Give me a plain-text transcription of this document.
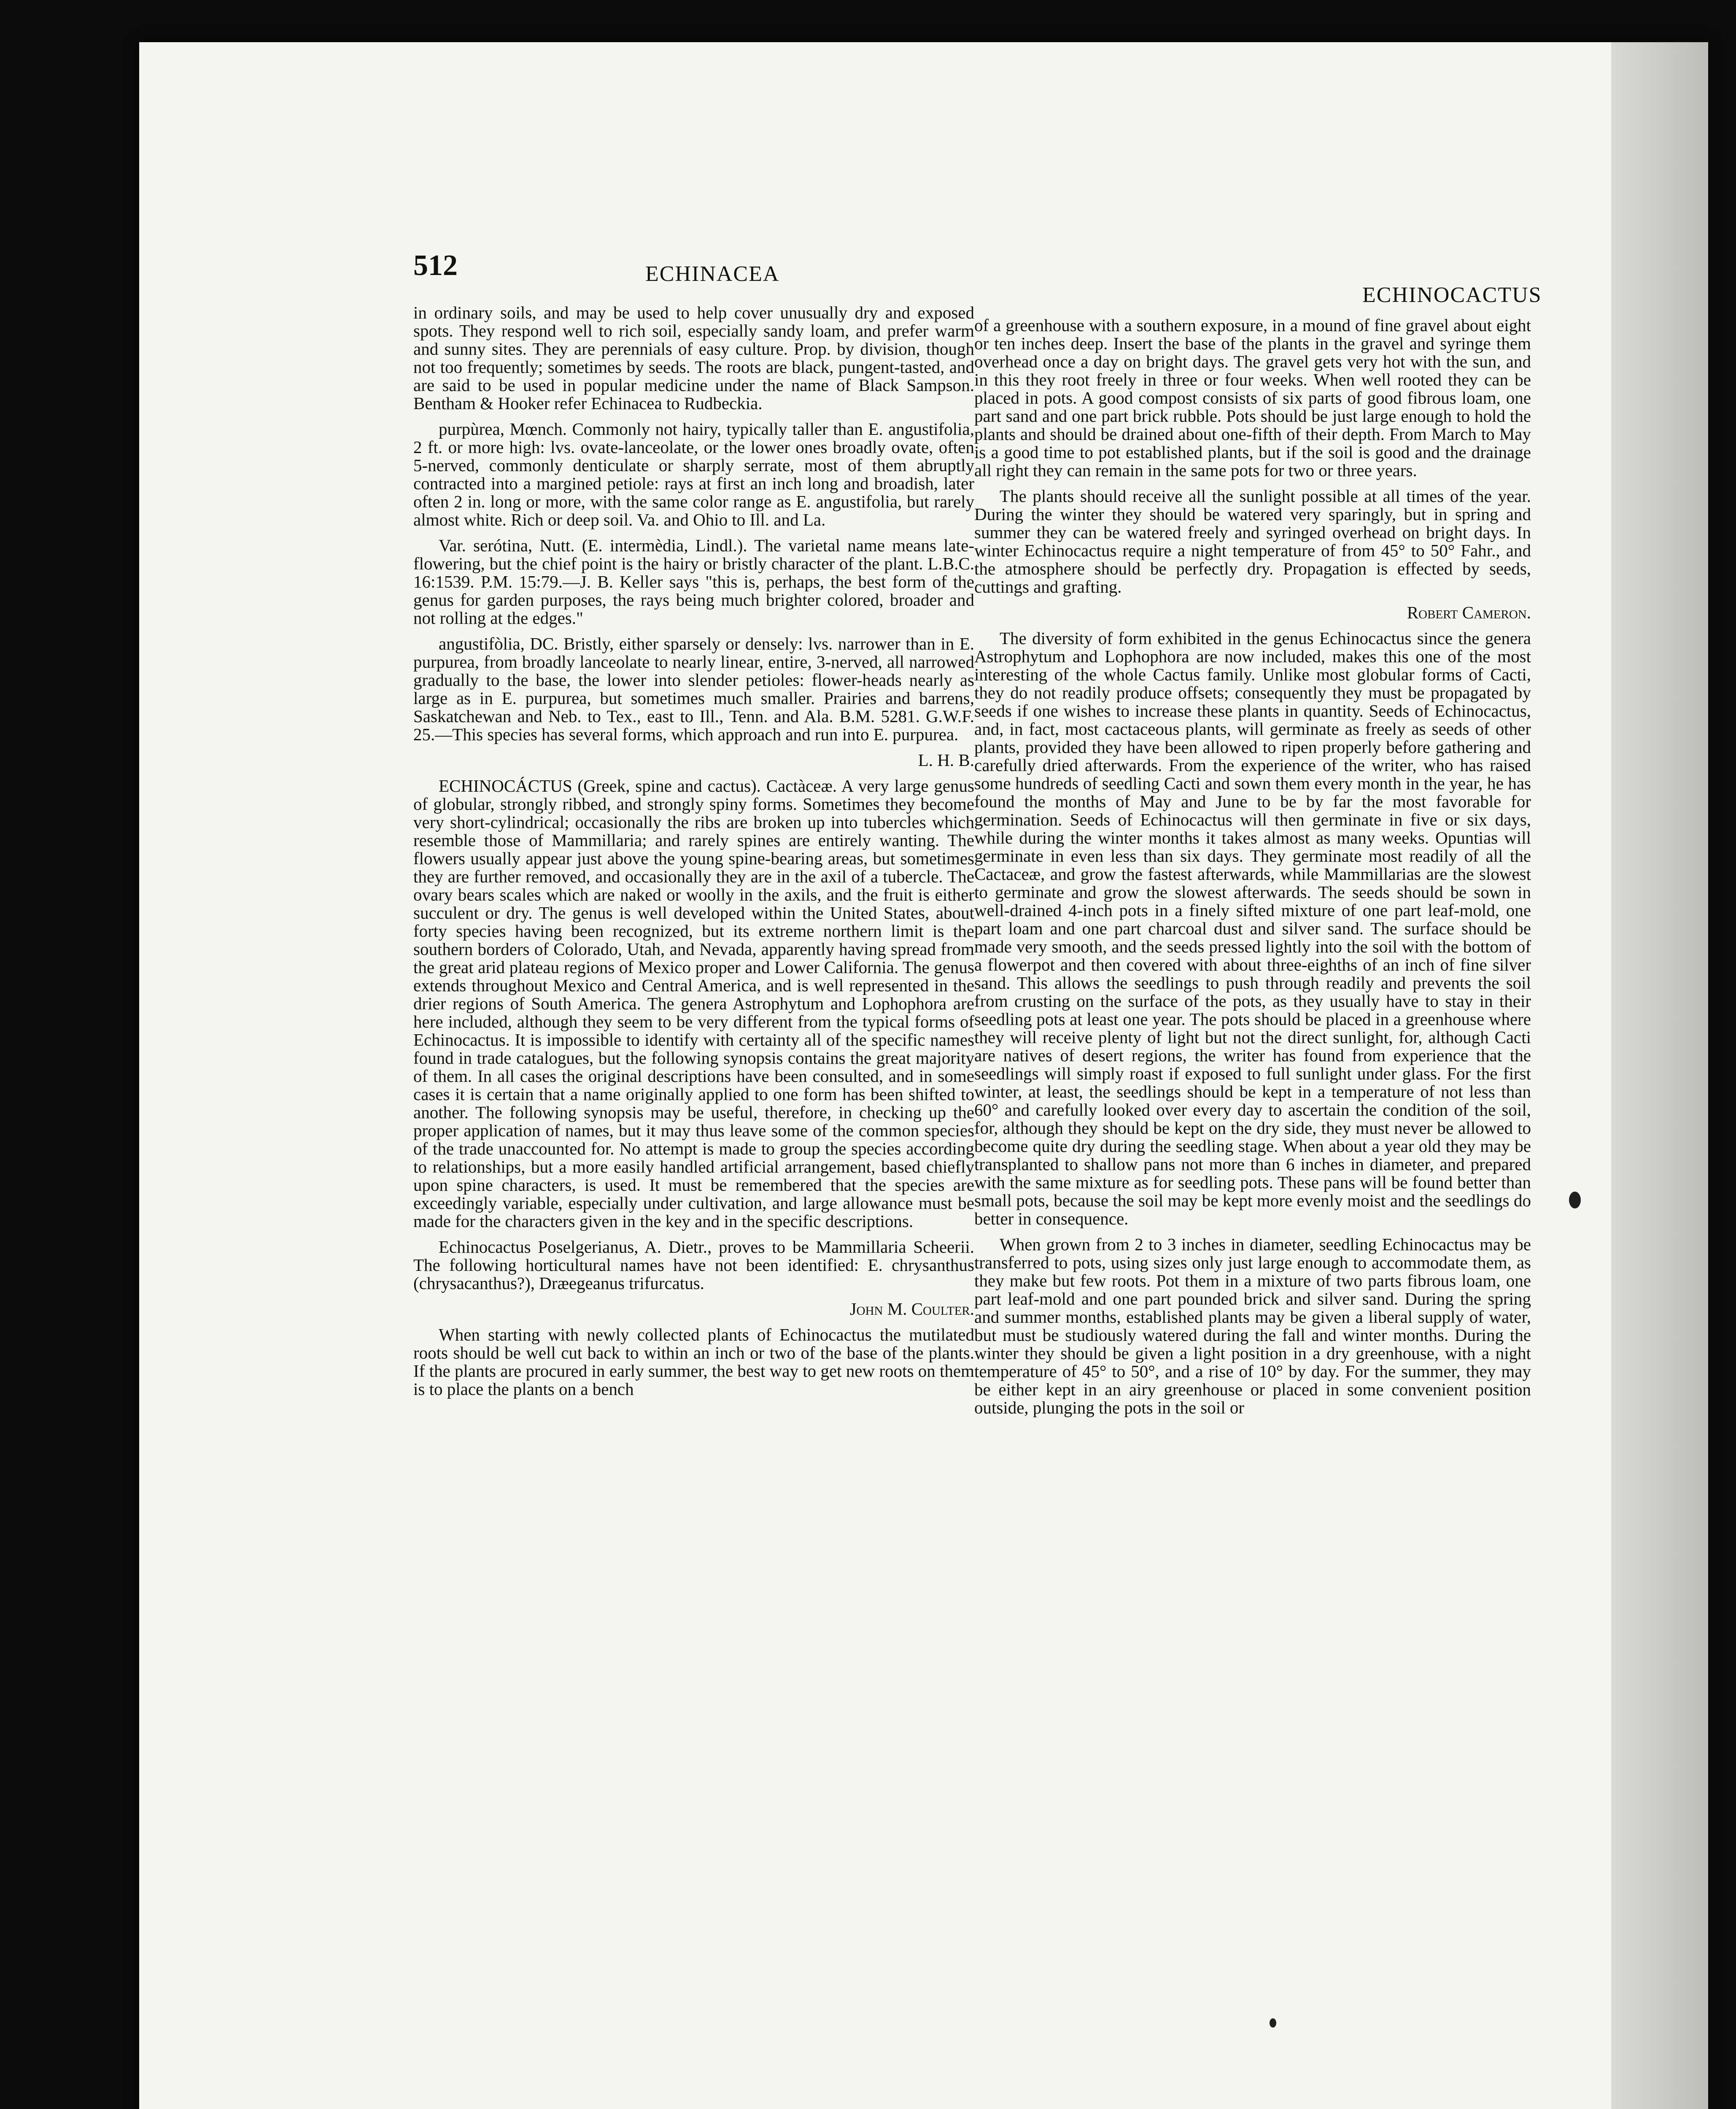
512	ECHINACEA
ECHINOCACTUS

in ordinary soils, and may be used to help cover unusually dry and exposed spots. They respond well to rich soil, especially sandy loam, and prefer warm and sunny sites. They are perennials of easy culture. Prop. by division, though not too frequently; sometimes by seeds. The roots are black, pungent-tasted, and are said to be used in popular medicine under the name of Black Sampson. Bentham & Hooker refer Echinacea to Rudbeckia.

purpùrea, Mœnch. Commonly not hairy, typically taller than E. angustifolia, 2 ft. or more high: lvs. ovate-lanceolate, or the lower ones broadly ovate, often 5-nerved, commonly denticulate or sharply serrate, most of them abruptly contracted into a margined petiole: rays at first an inch long and broadish, later often 2 in. long or more, with the same color range as E. angustifolia, but rarely almost white. Rich or deep soil. Va. and Ohio to Ill. and La.

Var. serótina, Nutt. (E. intermèdia, Lindl.). The varietal name means late-flowering, but the chief point is the hairy or bristly character of the plant. L.B.C. 16:1539. P.M. 15:79.—J. B. Keller says "this is, perhaps, the best form of the genus for garden purposes, the rays being much brighter colored, broader and not rolling at the edges."

angustifòlia, DC. Bristly, either sparsely or densely: lvs. narrower than in E. purpurea, from broadly lanceolate to nearly linear, entire, 3-nerved, all narrowed gradually to the base, the lower into slender petioles: flower-heads nearly as large as in E. purpurea, but sometimes much smaller. Prairies and barrens, Saskatchewan and Neb. to Tex., east to Ill., Tenn. and Ala. B.M. 5281. G.W.F. 25.—This species has several forms, which approach and run into E. purpurea.

L. H. B.

ECHINOCÁCTUS (Greek, spine and cactus). Cactàceæ. A very large genus of globular, strongly ribbed, and strongly spiny forms. Sometimes they become very short-cylindrical; occasionally the ribs are broken up into tubercles which resemble those of Mammillaria; and rarely spines are entirely wanting. The flowers usually appear just above the young spine-bearing areas, but sometimes they are further removed, and occasionally they are in the axil of a tubercle. The ovary bears scales which are naked or woolly in the axils, and the fruit is either succulent or dry. The genus is well developed within the United States, about forty species having been recognized, but its extreme northern limit is the southern borders of Colorado, Utah, and Nevada, apparently having spread from the great arid plateau regions of Mexico proper and Lower California. The genus extends throughout Mexico and Central America, and is well represented in the drier regions of South America. The genera Astrophytum and Lophophora are here included, although they seem to be very different from the typical forms of Echinocactus. It is impossible to identify with certainty all of the specific names found in trade catalogues, but the following synopsis contains the great majority of them. In all cases the original descriptions have been consulted, and in some cases it is certain that a name originally applied to one form has been shifted to another. The following synopsis may be useful, therefore, in checking up the proper application of names, but it may thus leave some of the common species of the trade unaccounted for. No attempt is made to group the species according to relationships, but a more easily handled artificial arrangement, based chiefly upon spine characters, is used. It must be remembered that the species are exceedingly variable, especially under cultivation, and large allowance must be made for the characters given in the key and in the specific descriptions.

Echinocactus Poselgerianus, A. Dietr., proves to be Mammillaria Scheerii. The following horticultural names have not been identified: E. chrysanthus (chrysacanthus?), Dræegeanus trifurcatus.

John M. Coulter.

When starting with newly collected plants of Echinocactus the mutilated roots should be well cut back to within an inch or two of the base of the plants. If the plants are procured in early summer, the best way to get new roots on them is to place the plants on a bench

of a greenhouse with a southern exposure, in a mound of fine gravel about eight or ten inches deep. Insert the base of the plants in the gravel and syringe them overhead once a day on bright days. The gravel gets very hot with the sun, and in this they root freely in three or four weeks. When well rooted they can be placed in pots. A good compost consists of six parts of good fibrous loam, one part sand and one part brick rubble. Pots should be just large enough to hold the plants and should be drained about one-fifth of their depth. From March to May is a good time to pot established plants, but if the soil is good and the drainage all right they can remain in the same pots for two or three years.

The plants should receive all the sunlight possible at all times of the year. During the winter they should be watered very sparingly, but in spring and summer they can be watered freely and syringed overhead on bright days. In winter Echinocactus require a night temperature of from 45° to 50° Fahr., and the atmosphere should be perfectly dry. Propagation is effected by seeds, cuttings and grafting.

Robert Cameron.

The diversity of form exhibited in the genus Echinocactus since the genera Astrophytum and Lophophora are now included, makes this one of the most interesting of the whole Cactus family. Unlike most globular forms of Cacti, they do not readily produce offsets; consequently they must be propagated by seeds if one wishes to increase these plants in quantity. Seeds of Echinocactus, and, in fact, most cactaceous plants, will germinate as freely as seeds of other plants, provided they have been allowed to ripen properly before gathering and carefully dried afterwards. From the experience of the writer, who has raised some hundreds of seedling Cacti and sown them every month in the year, he has found the months of May and June to be by far the most favorable for germination. Seeds of Echinocactus will then germinate in five or six days, while during the winter months it takes almost as many weeks. Opuntias will germinate in even less than six days. They germinate most readily of all the Cactaceæ, and grow the fastest afterwards, while Mammillarias are the slowest to germinate and grow the slowest afterwards. The seeds should be sown in well-drained 4-inch pots in a finely sifted mixture of one part leaf-mold, one part loam and one part charcoal dust and silver sand. The surface should be made very smooth, and the seeds pressed lightly into the soil with the bottom of a flowerpot and then covered with about three-eighths of an inch of fine silver sand. This allows the seedlings to push through readily and prevents the soil from crusting on the surface of the pots, as they usually have to stay in their seedling pots at least one year. The pots should be placed in a greenhouse where they will receive plenty of light but not the direct sunlight, for, although Cacti are natives of desert regions, the writer has found from experience that the seedlings will simply roast if exposed to full sunlight under glass. For the first winter, at least, the seedlings should be kept in a temperature of not less than 60° and carefully looked over every day to ascertain the condition of the soil, for, although they should be kept on the dry side, they must never be allowed to become quite dry during the seedling stage. When about a year old they may be transplanted to shallow pans not more than 6 inches in diameter, and prepared with the same mixture as for seedling pots. These pans will be found better than small pots, because the soil may be kept more evenly moist and the seedlings do better in consequence.

When grown from 2 to 3 inches in diameter, seedling Echinocactus may be transferred to pots, using sizes only just large enough to accommodate them, as they make but few roots. Pot them in a mixture of two parts fibrous loam, one part leaf-mold and one part pounded brick and silver sand. During the spring and summer months, established plants may be given a liberal supply of water, but must be studiously watered during the fall and winter months. During the winter they should be given a light position in a dry greenhouse, with a night temperature of 45° to 50°, and a rise of 10° by day. For the summer, they may be either kept in an airy greenhouse or placed in some convenient position outside, plunging the pots in the soil or
